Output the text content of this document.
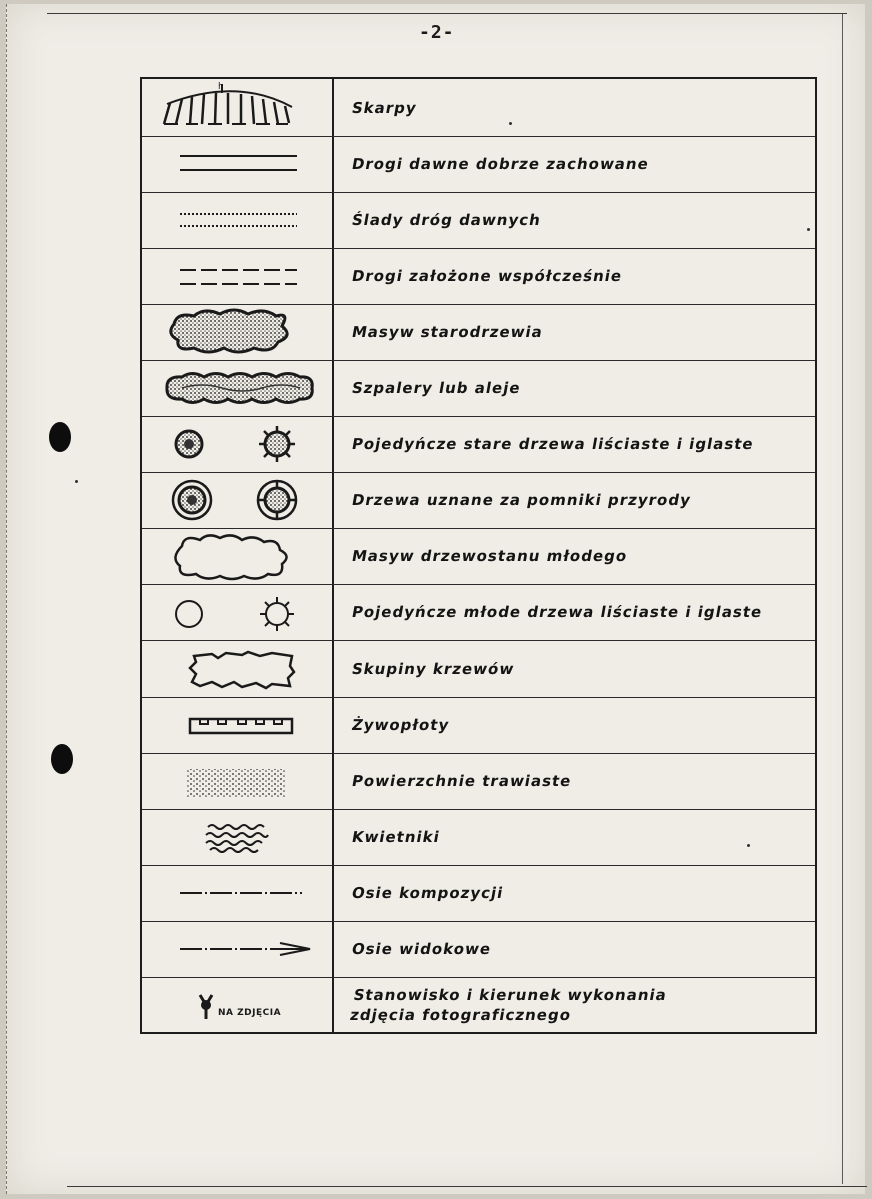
-2-
h
Skarpy
Drogi dawne dobrze zachowane
Ślady dróg dawnych
Drogi założone współcześnie
Masyw starodrzewia
Szpalery lub aleje
Pojedyńcze stare drzewa liściaste i iglaste
Drzewa uznane za pomniki przyrody
Masyw drzewostanu młodego
Pojedyńcze młode drzewa liściaste i iglaste
Skupiny krzewów
Żywopłoty
Powierzchnie trawiaste
Kwietniki
Osie kompozycji
Osie widokowe
NA ZDJĘCIA
Stanowisko i kierunek wykonania
zdjęcia fotograficznego
